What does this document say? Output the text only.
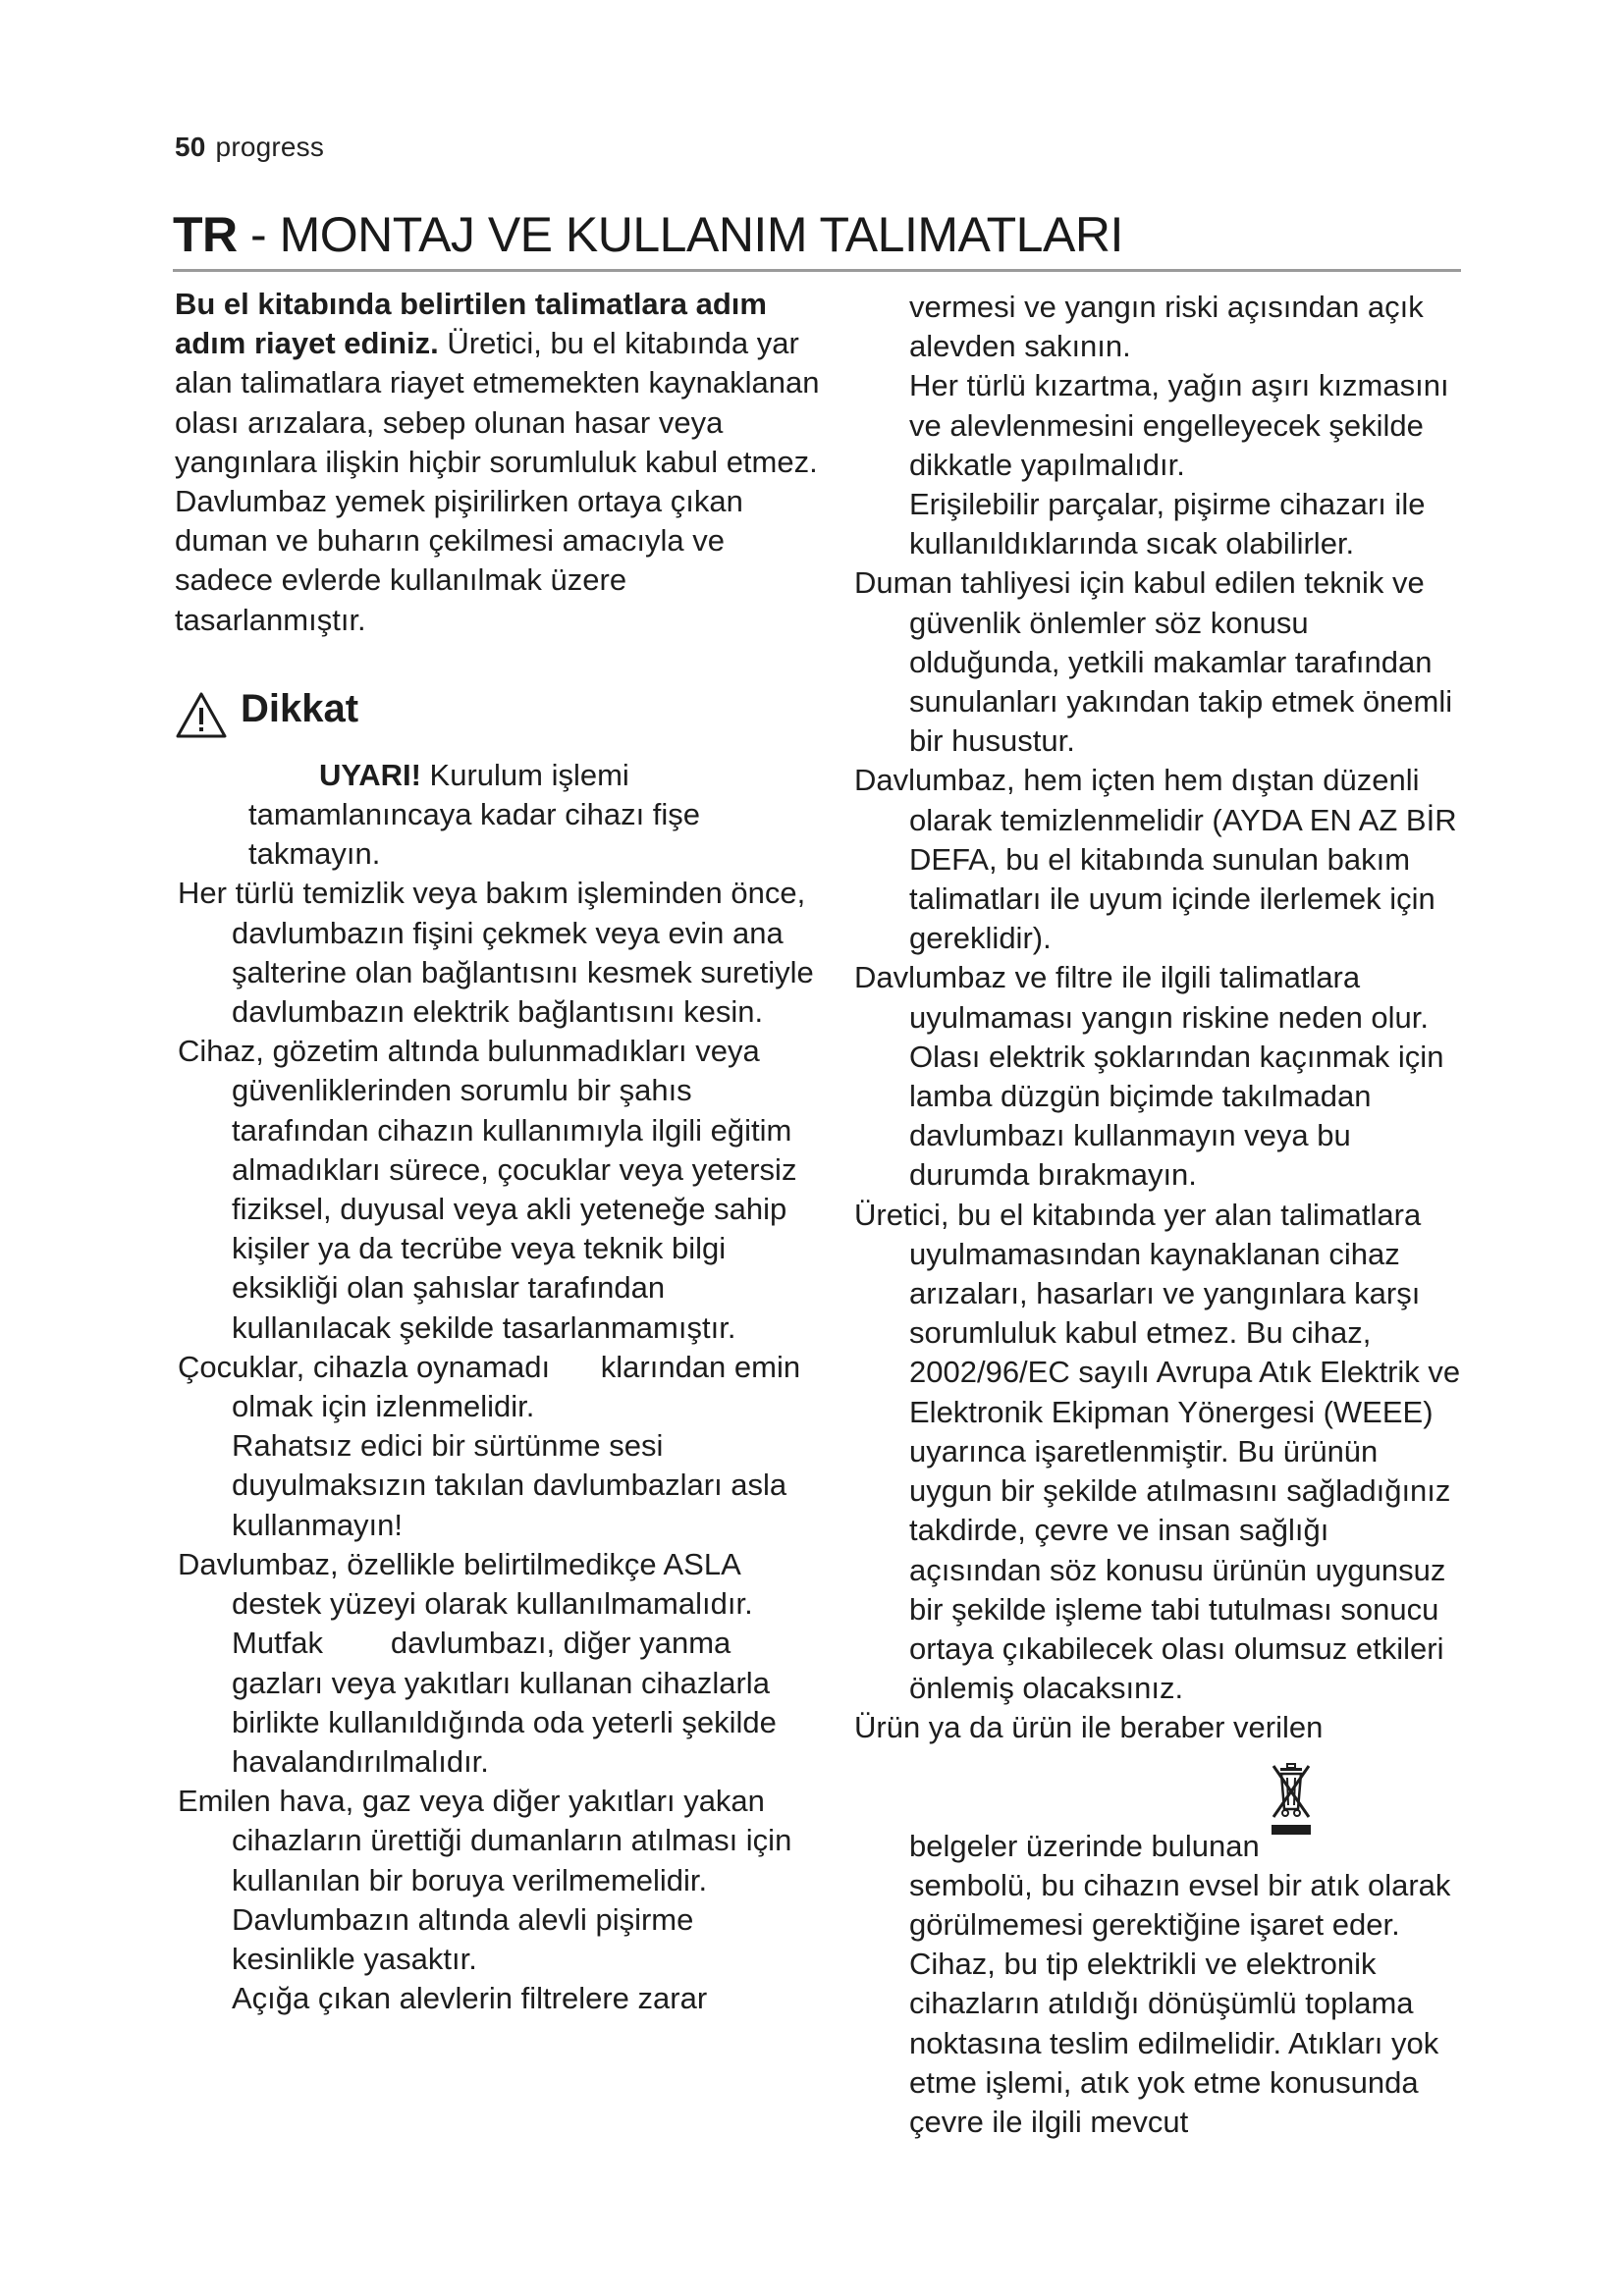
50 progress
TR - MONTAJ VE KULLANIM TALIMATLARI

Bu el kitabında belirtilen talimatlara adım adım riayet ediniz. Üretici, bu el kitabında yar alan talimatlara riayet etmemekten kaynaklanan olası arızalara, sebep olunan hasar veya yangınlara ilişkin hiçbir sorumluluk kabul etmez. Davlumbaz yemek pişirilirken ortaya çıkan duman ve buharın çekilmesi amacıyla ve sadece evlerde kullanılmak üzere tasarlanmıştır.

Dikkat

UYARI! Kurulum işlemi tamamlanıncaya kadar cihazı fişe takmayın.

Her türlü temizlik veya bakım işleminden önce, davlumbazın fişini çekmek veya evin ana şalterine olan bağlantısını kesmek suretiyle davlumbazın elektrik bağlantısını kesin.

Cihaz, gözetim altında bulunmadıkları veya güvenliklerinden sorumlu bir şahıs tarafından cihazın kullanımıyla ilgili eğitim almadıkları sürece, çocuklar veya yetersiz fiziksel, duyusal veya akli yeteneğe sahip kişiler ya da tecrübe veya teknik bilgi eksikliği olan şahıslar tarafından kullanılacak şekilde tasarlanmamıştır.

Çocuklar, cihazla oynamadı      klarından emin olmak için izlenmelidir.

Rahatsız edici bir sürtünme sesi duyulmaksızın takılan davlumbazları asla kullanmayın!

Davlumbaz, özellikle belirtilmedikçe ASLA destek yüzeyi olarak kullanılmamalıdır.

Mutfak        davlumbazı, diğer yanma gazları veya yakıtları kullanan cihazlarla birlikte kullanıldığında oda yeterli şekilde havalandırılmalıdır.

Emilen hava, gaz veya diğer yakıtları yakan cihazların ürettiği dumanların atılması için kullanılan bir boruya verilmemelidir.

Davlumbazın altında alevli pişirme kesinlikle yasaktır.

Açığa çıkan alevlerin filtrelere zarar

vermesi ve yangın riski açısından açık alevden sakının.

Her türlü kızartma, yağın aşırı kızmasını ve alevlenmesini engelleyecek şekilde dikkatle yapılmalıdır.

Erişilebilir parçalar, pişirme cihazarı ile kullanıldıklarında sıcak olabilirler.

Duman tahliyesi için kabul edilen teknik ve güvenlik önlemler söz konusu olduğunda, yetkili makamlar tarafından sunulanları yakından takip etmek önemli bir husustur.

Davlumbaz, hem içten hem dıştan düzenli olarak temizlenmelidir (AYDA EN AZ BİR DEFA, bu el kitabında sunulan bakım talimatları ile uyum içinde ilerlemek için gereklidir).

Davlumbaz ve filtre ile ilgili talimatlara uyulmaması yangın riskine neden olur.

Olası elektrik şoklarından kaçınmak için lamba düzgün biçimde takılmadan davlumbazı kullanmayın veya bu durumda bırakmayın.

Üretici, bu el kitabında yer alan talimatlara uyulmamasından kaynaklanan cihaz arızaları, hasarları ve yangınlara karşı sorumluluk kabul etmez. Bu cihaz, 2002/96/EC sayılı Avrupa Atık Elektrik ve Elektronik Ekipman Yönergesi (WEEE) uyarınca işaretlenmiştir. Bu ürünün uygun bir şekilde atılmasını sağladığınız takdirde, çevre ve insan sağlığı açısından söz konusu ürünün uygunsuz bir şekilde işleme tabi tutulması sonucu ortaya çıkabilecek olası olumsuz etkileri önlemiş olacaksınız.

Ürün ya da ürün ile beraber verilen

belgeler üzerinde bulunan

sembolü, bu cihazın evsel bir atık olarak görülmemesi gerektiğine işaret eder. Cihaz, bu tip elektrikli ve elektronik cihazların atıldığı dönüşümlü toplama noktasına teslim edilmelidir. Atıkları yok etme işlemi, atık yok etme konusunda çevre ile ilgili mevcut
